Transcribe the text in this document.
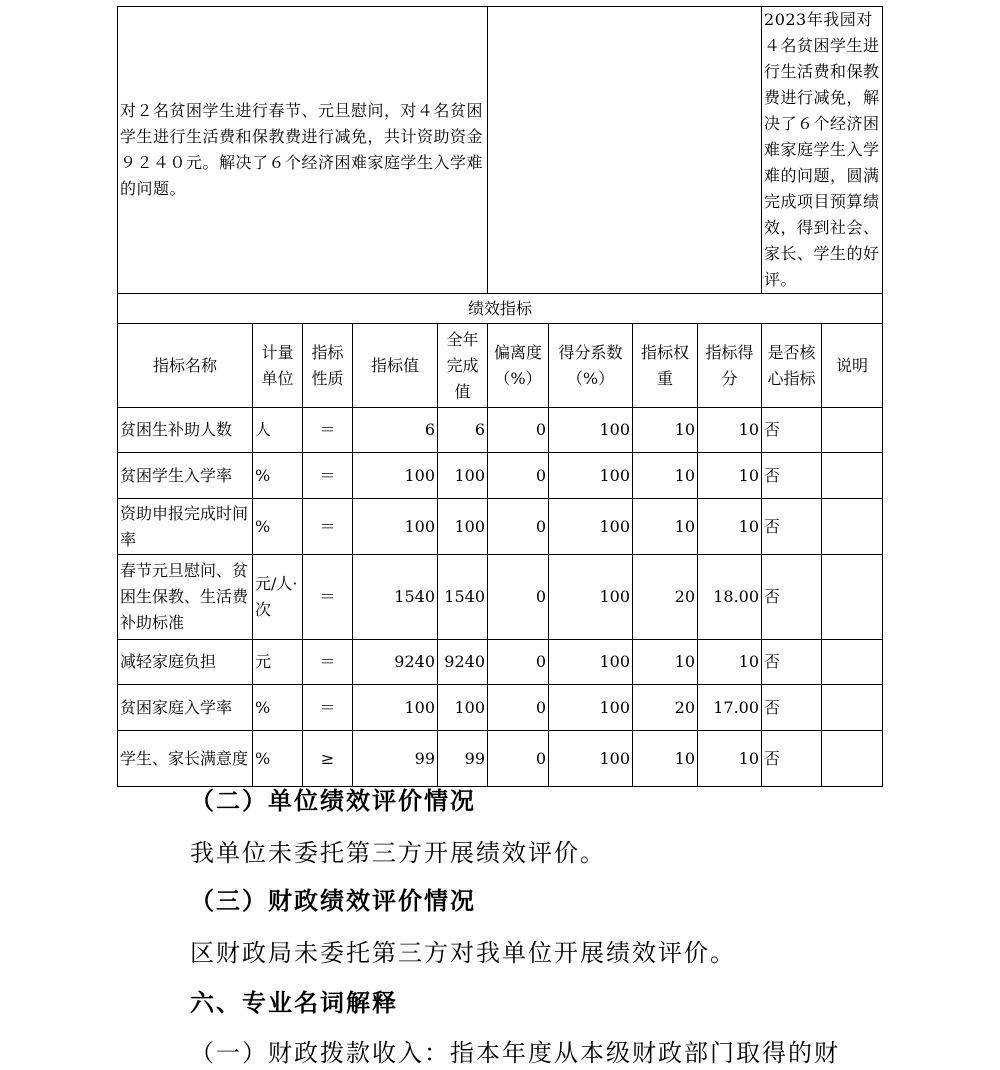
对２名贫困学生进行春节、元旦慰问，对４名贫困学生进行生活费和保教费进行减免，共计资助资金９２４０元。解决了６个经济困难家庭学生入学难的问题。									2023年我园对４名贫困学生进行生活费和保教费进行减免，解决了６个经济困难家庭学生入学难的问题，圆满完成项目预算绩效，得到社会、家长、学生的好评。	
绩效指标										
指标名称	计量单位	指标性质	指标值	全年完成值	偏离度（%）	得分系数（%）	指标权重	指标得分	是否核心指标	说明
贫困生补助人数	人	＝	6	6	0	100	10	10	否	
贫困学生入学率	%	＝	100	100	0	100	10	10	否	
资助申报完成时间率	%	＝	100	100	0	100	10	10	否	
春节元旦慰问、贫困生保教、生活费补助标准	元/人·次	＝	1540	1540	0	100	20	18.00	否	
减轻家庭负担	元	＝	9240	9240	0	100	10	10	否	
贫困家庭入学率	%	＝	100	100	0	100	20	17.00	否	
学生、家长满意度	%	≥	99	99	0	100	10	10	否	
（二）单位绩效评价情况
我单位未委托第三方开展绩效评价。
（三）财政绩效评价情况
区财政局未委托第三方对我单位开展绩效评价。
六、专业名词解释
（一）财政拨款收入：指本年度从本级财政部门取得的财
